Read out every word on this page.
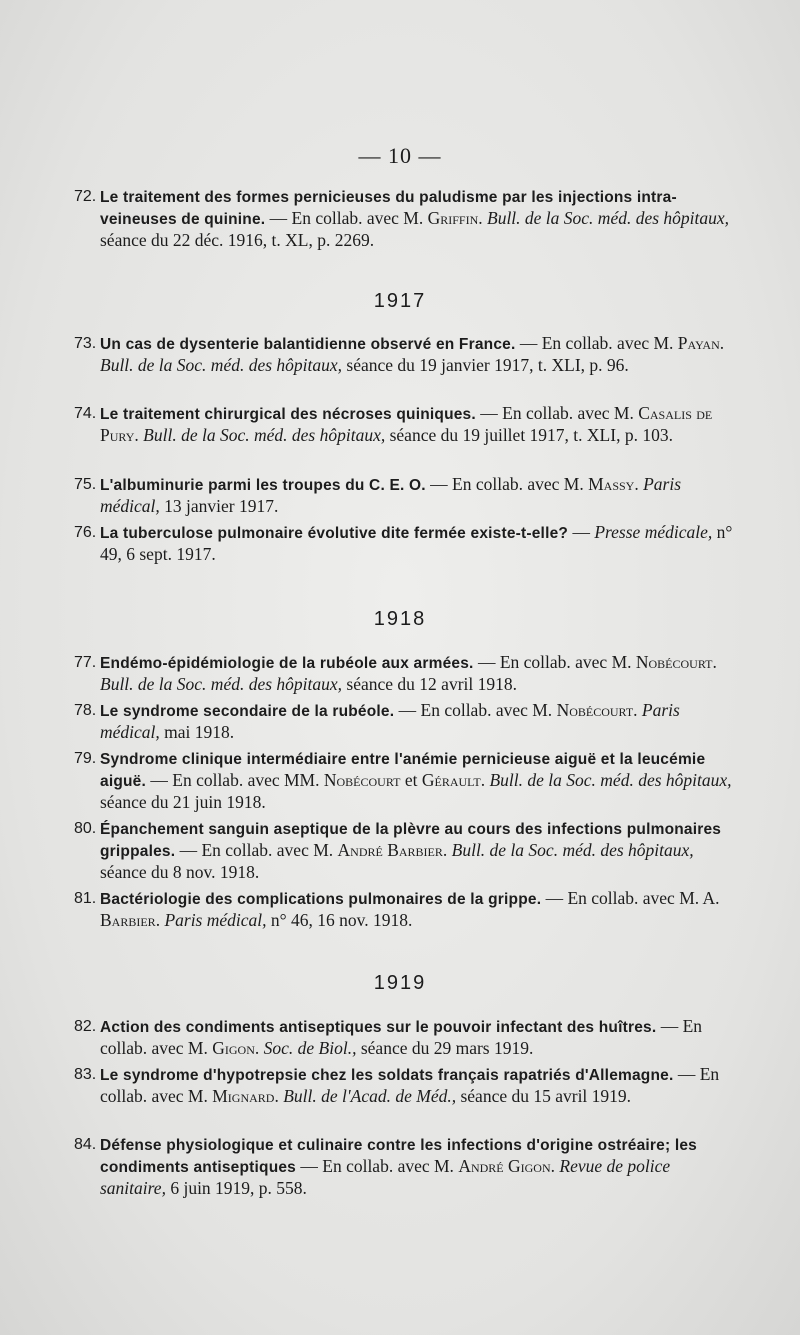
— 10 —
72. Le traitement des formes pernicieuses du paludisme par les injections intra-veineuses de quinine. — En collab. avec M. Griffin. Bull. de la Soc. méd. des hôpitaux, séance du 22 déc. 1916, t. XL, p. 2269.
1917
73. Un cas de dysenterie balantidienne observé en France. — En collab. avec M. Payan. Bull. de la Soc. méd. des hôpitaux, séance du 19 janvier 1917, t. XLI, p. 96.
74. Le traitement chirurgical des nécroses quiniques. — En collab. avec M. Casalis de Pury. Bull. de la Soc. méd. des hôpitaux, séance du 19 juillet 1917, t. XLI, p. 103.
75. L'albuminurie parmi les troupes du C. E. O. — En collab. avec M. Massy. Paris médical, 13 janvier 1917.
76. La tuberculose pulmonaire évolutive dite fermée existe-t-elle? — Presse médicale, n° 49, 6 sept. 1917.
1918
77. Endémo-épidémiologie de la rubéole aux armées. — En collab. avec M. Nobécourt. Bull. de la Soc. méd. des hôpitaux, séance du 12 avril 1918.
78. Le syndrome secondaire de la rubéole. — En collab. avec M. Nobécourt. Paris médical, mai 1918.
79. Syndrome clinique intermédiaire entre l'anémie pernicieuse aiguë et la leucémie aiguë. — En collab. avec MM. Nobécourt et Gérault. Bull. de la Soc. méd. des hôpitaux, séance du 21 juin 1918.
80. Épanchement sanguin aseptique de la plèvre au cours des infections pulmonaires grippales. — En collab. avec M. André Barbier. Bull. de la Soc. méd. des hôpitaux, séance du 8 nov. 1918.
81. Bactériologie des complications pulmonaires de la grippe. — En collab. avec M. A. Barbier. Paris médical, n° 46, 16 nov. 1918.
1919
82. Action des condiments antiseptiques sur le pouvoir infectant des huîtres. — En collab. avec M. Gigon. Soc. de Biol., séance du 29 mars 1919.
83. Le syndrome d'hypotrepsie chez les soldats français rapatriés d'Allemagne. — En collab. avec M. Mignard. Bull. de l'Acad. de Méd., séance du 15 avril 1919.
84. Défense physiologique et culinaire contre les infections d'origine ostréaire; les condiments antiseptiques — En collab. avec M. André Gigon. Revue de police sanitaire, 6 juin 1919, p. 558.
